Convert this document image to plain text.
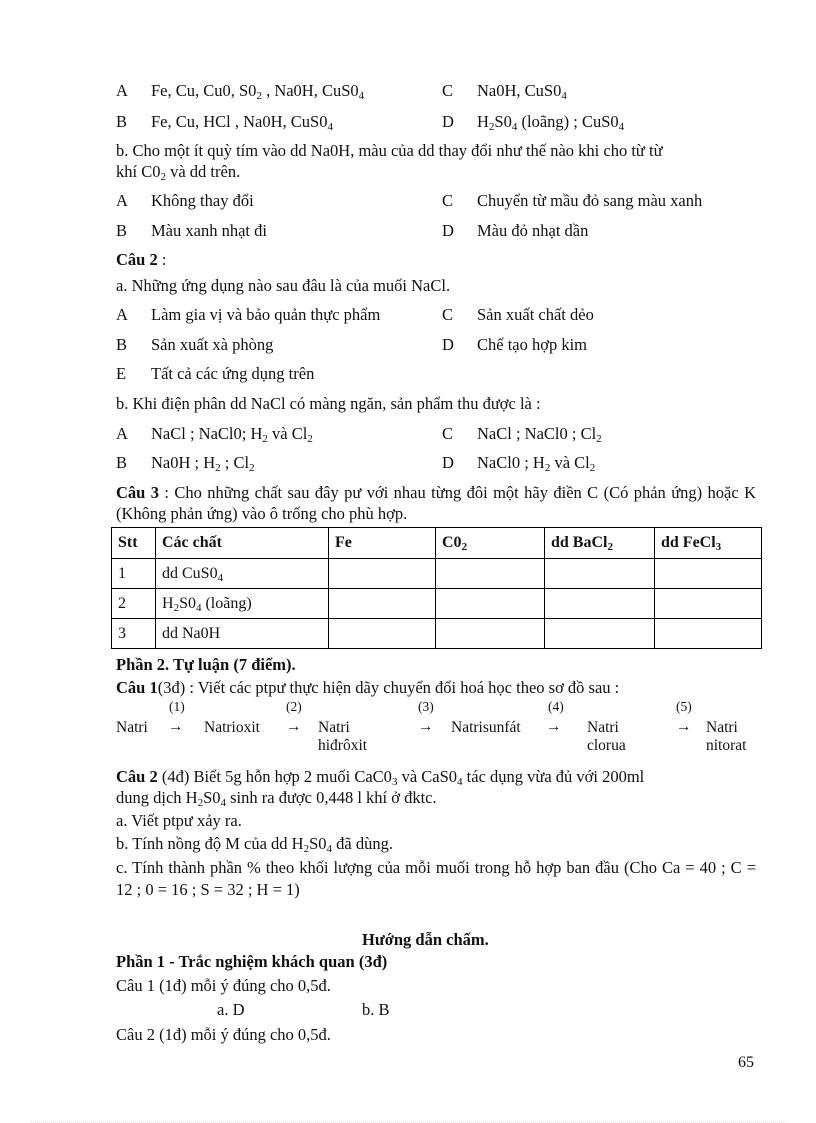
A Fe, Cu, Cu0, $S0_2$ , Na0H, $CuS0_4$	C Na0H, $CuS0_4$
B Fe, Cu, HCl , Na0H, $CuS0_4$	D $H_2S0_4$ (loãng) ; $CuS0_4$
b. Cho một ít quỳ tím vào dd Na0H, màu của dd thay đổi như thế nào khi cho từ từ
khí $C0_2$ và dd trên.
A Không thay đổi	C Chuyển từ mầu đỏ sang màu xanh
B Màu xanh nhạt đi	D Màu đỏ nhạt dần
Câu 2 :
a. Những ứng dụng nào sau đâu là của muối NaCl.
A Làm gia vị và bảo quản thực phẩm	C Sản xuất chất dẻo
B Sản xuất xà phòng	D Chế tạo hợp kim
E Tất cả các ứng dụng trên
b. Khi điện phân dd NaCl có màng ngăn, sản phẩm thu được là :
A NaCl ; NaCl0; $H_2$ và $Cl_2$	C NaCl ; NaCl0 ; $Cl_2$
B Na0H ; $H_2$ ; $Cl_2$	D NaCl0 ; $H_2$ và $Cl_2$
Câu 3 : Cho những chất sau đây pư với nhau từng đôi một hãy điền C (Có phản ứng) hoặc K (Không phản ứng) vào ô trống cho phù hợp.
Stt	Các chất	Fe	$C0_2$	dd BaCl$_2$	dd FeCl$_3$
1	dd $CuS0_4$				
2	$H_2S0_4$ (loãng)				
3	dd Na0H				
Phần 2. Tự luận (7 điểm).
Câu 1(3đ) : Viết các ptpư thực hiện dãy chuyển đổi hoá học theo sơ đồ sau :
(1)	(2)	(3)	(4)	(5)
Natri → Natrioxit → Natri
hiđrôxit
→ Natrisunfát → Natri
clorua
→ Natri
nitorat
Câu 2 (4đ) Biết 5g hỗn hợp 2 muối $CaC0_3$ và $CaS0_4$ tác dụng vừa đủ với 200ml
dung dịch $H_2S0_4$ sinh ra được 0,448 l khí ở đktc.
a. Viết ptpư xảy ra.
b. Tính nồng độ M của dd $H_2S0_4$ đã dùng.
c. Tính thành phần % theo khối lượng của mỗi muối trong hỗ hợp ban đầu (Cho Ca = 40 ; C = 12 ; 0 = 16 ; S = 32 ; H = 1)
Hướng dẫn chấm.
Phần 1 - Trắc nghiệm khách quan (3đ)
Câu 1 (1đ) mỗi ý đúng cho 0,5đ.
a. D	b. B
Câu 2 (1đ) mỗi ý đúng cho 0,5đ.
65
